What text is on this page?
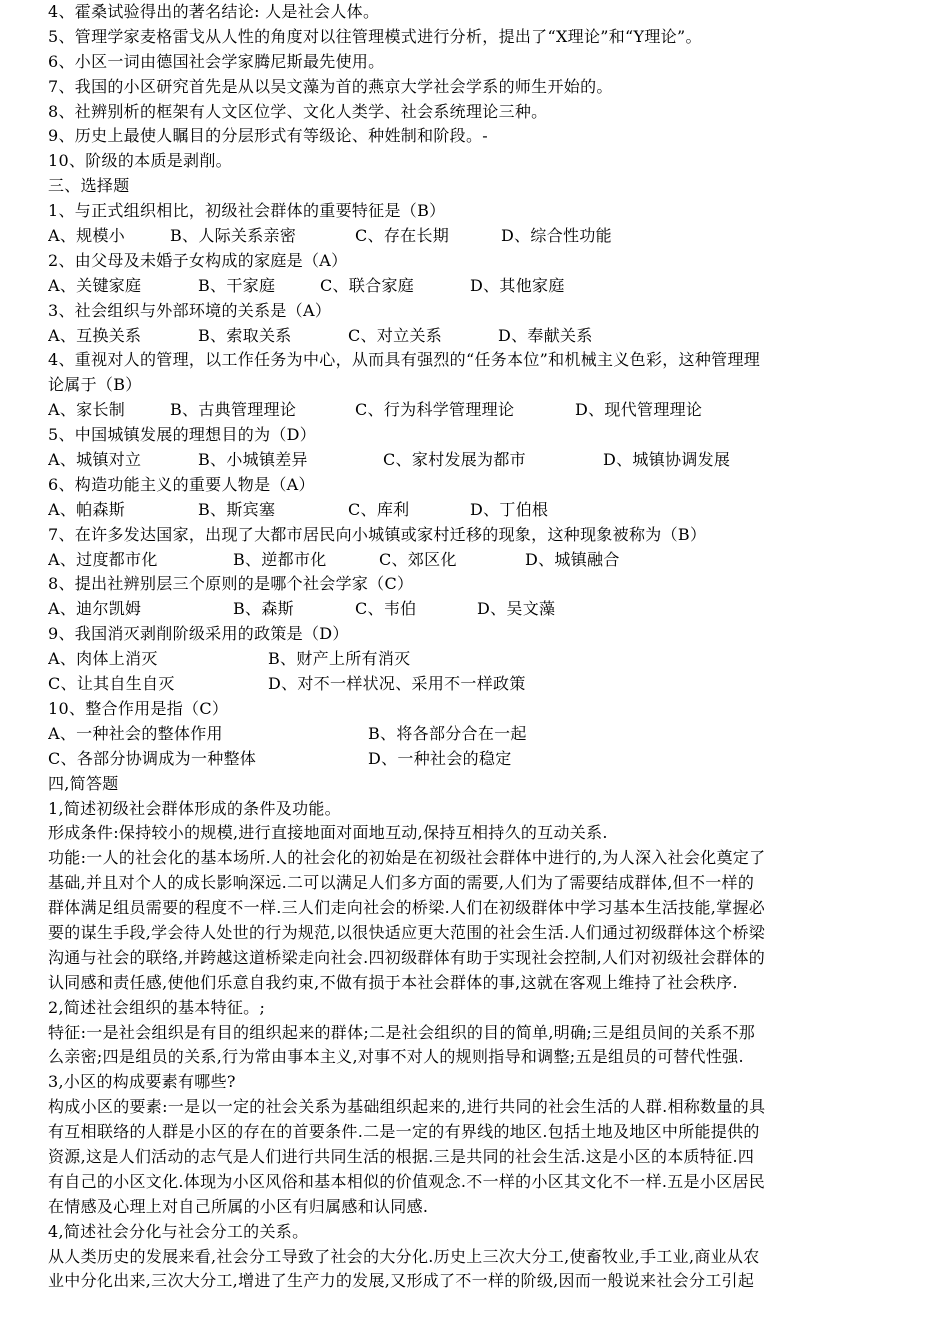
4、霍桑试验得出的著名结论: 人是社会人体。
5、管理学家麦格雷戈从人性的角度对以往管理模式进行分析，提出了“X理论”和“Y理论”。
6、小区一词由德国社会学家腾尼斯最先使用。
7、我国的小区研究首先是从以吴文藻为首的燕京大学社会学系的师生开始的。
8、社辨别析的框架有人文区位学、文化人类学、社会系统理论三种。
9、历史上最使人瞩目的分层形式有等级论、种姓制和阶段。-
10、阶级的本质是剥削。
三、选择题
1、与正式组织相比，初级社会群体的重要特征是（B）
A、规模小	B、人际关系亲密	C、存在长期	D、综合性功能
2、由父母及未婚子女构成的家庭是（A）
A、关键家庭	B、干家庭	C、联合家庭	D、其他家庭
3、社会组织与外部环境的关系是（A）
A、互换关系	B、索取关系	C、对立关系	D、奉献关系
4、重视对人的管理，以工作任务为中心，从而具有强烈的“任务本位”和机械主义色彩，这种管理理
论属于（B）
A、家长制	B、古典管理理论	C、行为科学管理理论	D、现代管理理论
5、中国城镇发展的理想目的为（D）
A、城镇对立	B、小城镇差异	C、家村发展为都市	D、城镇协调发展
6、构造功能主义的重要人物是（A）
A、帕森斯	B、斯宾塞	C、库利	D、丁伯根
7、在许多发达国家，出现了大都市居民向小城镇或家村迁移的现象，这种现象被称为（B）
A、过度都市化	B、逆都市化	C、郊区化	D、城镇融合
8、提出社辨别层三个原则的是哪个社会学家（C）
A、迪尔凯姆	B、森斯	C、韦伯	D、吴文藻
9、我国消灭剥削阶级采用的政策是（D）
A、肉体上消灭	B、财产上所有消灭
C、让其自生自灭	D、对不一样状况、采用不一样政策
10、整合作用是指（C）
A、一种社会的整体作用	B、将各部分合在一起
C、各部分协调成为一种整体	D、一种社会的稳定
四,简答题
1,简述初级社会群体形成的条件及功能。
形成条件:保持较小的规模,进行直接地面对面地互动,保持互相持久的互动关系.
功能:一人的社会化的基本场所.人的社会化的初始是在初级社会群体中进行的,为人深入社会化奠定了
基础,并且对个人的成长影响深远.二可以满足人们多方面的需要,人们为了需要结成群体,但不一样的
群体满足组员需要的程度不一样.三人们走向社会的桥梁.人们在初级群体中学习基本生活技能,掌握必
要的谋生手段,学会待人处世的行为规范,以很快适应更大范围的社会生活.人们通过初级群体这个桥梁
沟通与社会的联络,并跨越这道桥梁走向社会.四初级群体有助于实现社会控制,人们对初级社会群体的
认同感和责任感,使他们乐意自我约束,不做有损于本社会群体的事,这就在客观上维持了社会秩序.
2,简述社会组织的基本特征。;
特征:一是社会组织是有目的组织起来的群体;二是社会组织的目的简单,明确;三是组员间的关系不那
么亲密;四是组员的关系,行为常由事本主义,对事不对人的规则指导和调整;五是组员的可替代性强.
3,小区的构成要素有哪些?
构成小区的要素:一是以一定的社会关系为基础组织起来的,进行共同的社会生活的人群.相称数量的具
有互相联络的人群是小区的存在的首要条件.二是一定的有界线的地区.包括土地及地区中所能提供的
资源,这是人们活动的志气是人们进行共同生活的根据.三是共同的社会生活.这是小区的本质特征.四
有自己的小区文化.体现为小区风俗和基本相似的价值观念.不一样的小区其文化不一样.五是小区居民
在情感及心理上对自己所属的小区有归属感和认同感.
4,简述社会分化与社会分工的关系。
从人类历史的发展来看,社会分工导致了社会的大分化.历史上三次大分工,使畜牧业,手工业,商业从农
业中分化出来,三次大分工,增进了生产力的发展,又形成了不一样的阶级,因而一般说来社会分工引起
